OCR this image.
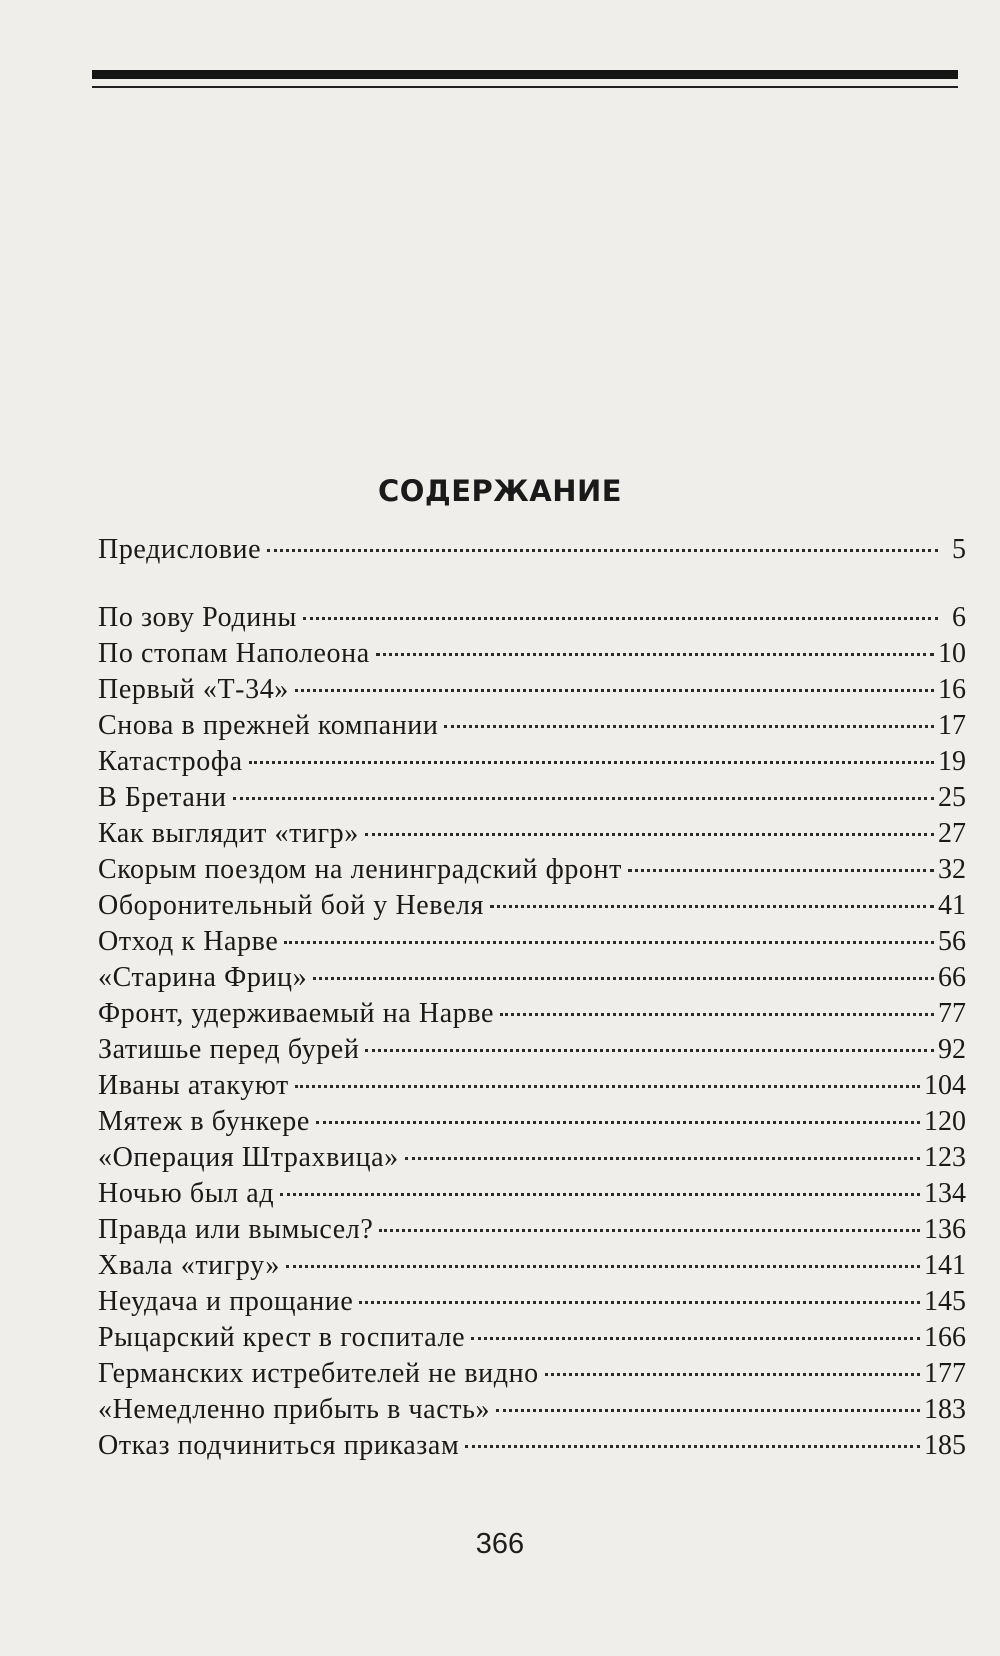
СОДЕРЖАНИЕ
Предисловие	5
По зову Родины	6
По стопам Наполеона	10
Первый «Т-34»	16
Снова в прежней компании	17
Катастрофа	19
В Бретани	25
Как выглядит «тигр»	27
Скорым поездом на ленинградский фронт	32
Оборонительный бой у Невеля	41
Отход к Нарве	56
«Старина Фриц»	66
Фронт, удерживаемый на Нарве	77
Затишье перед бурей	92
Иваны атакуют	104
Мятеж в бункере	120
«Операция Штрахвица»	123
Ночью был ад	134
Правда или вымысел?	136
Хвала «тигру»	141
Неудача и прощание	145
Рыцарский крест в госпитале	166
Германских истребителей не видно	177
«Немедленно прибыть в часть»	183
Отказ подчиниться приказам	185
366
